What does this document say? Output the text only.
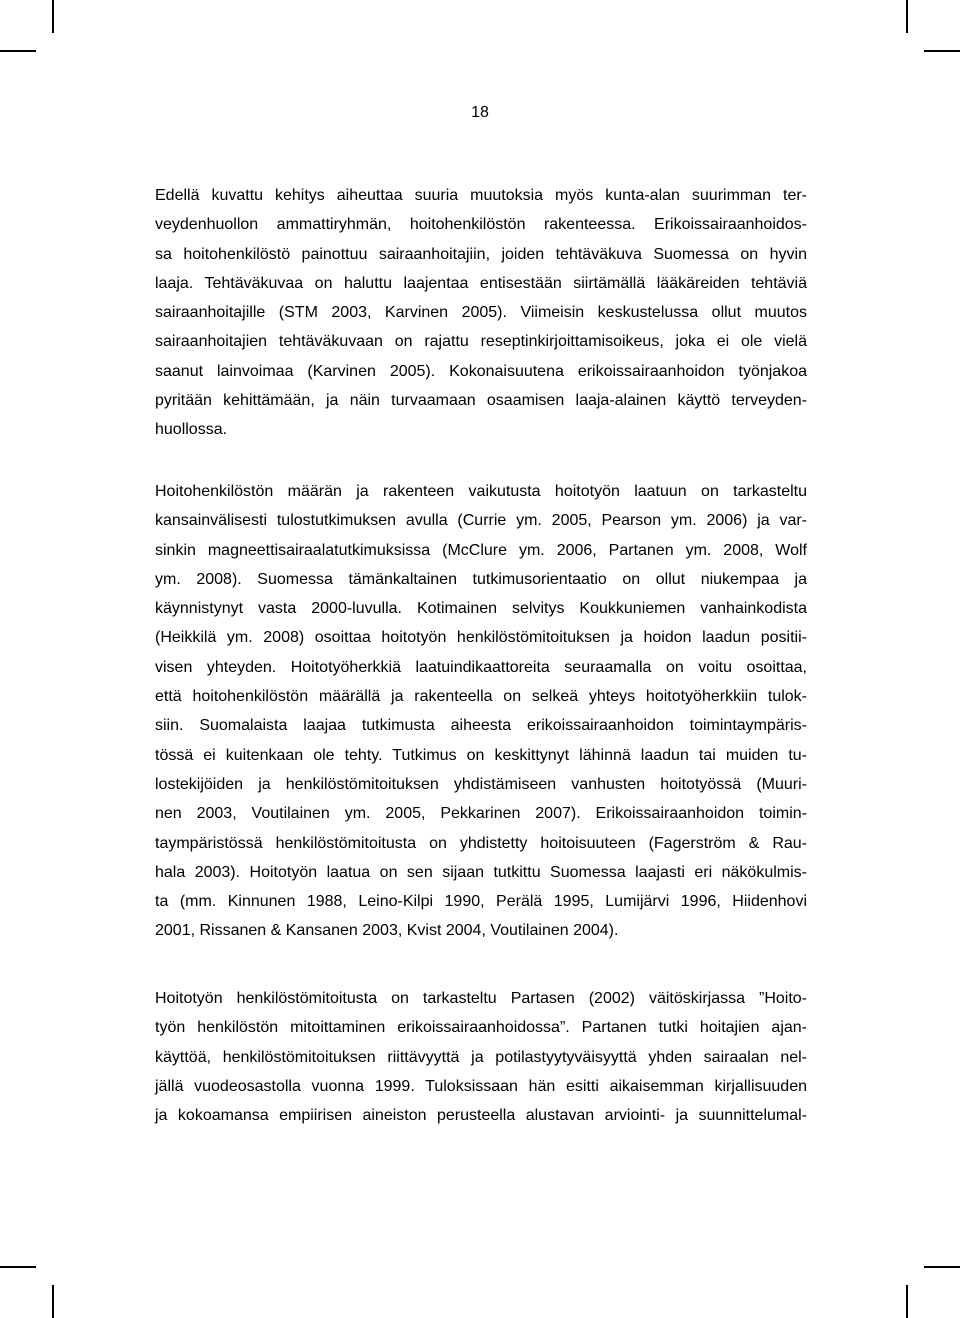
18

Edellä kuvattu kehitys aiheuttaa suuria muutoksia myös kunta-alan suurimman ter-
veydenhuollon ammattiryhmän, hoitohenkilöstön rakenteessa. Erikoissairaanhoidos-
sa hoitohenkilöstö painottuu sairaanhoitajiin, joiden tehtäväkuva Suomessa on hyvin
laaja. Tehtäväkuvaa on haluttu laajentaa entisestään siirtämällä lääkäreiden tehtäviä
sairaanhoitajille (STM 2003, Karvinen 2005). Viimeisin keskustelussa ollut muutos
sairaanhoitajien tehtäväkuvaan on rajattu reseptinkirjoittamisoikeus, joka ei ole vielä
saanut lainvoimaa (Karvinen 2005). Kokonaisuutena erikoissairaanhoidon työnjakoa
pyritään kehittämään, ja näin turvaamaan osaamisen laaja-alainen käyttö terveyden-
huollossa.

Hoitohenkilöstön määrän ja rakenteen vaikutusta hoitotyön laatuun on tarkasteltu
kansainvälisesti tulostutkimuksen avulla (Currie ym. 2005, Pearson ym. 2006) ja var-
sinkin magneettisairaalatutkimuksissa (McClure ym. 2006, Partanen ym. 2008, Wolf
ym. 2008). Suomessa tämänkaltainen tutkimusorientaatio on ollut niukempaa ja
käynnistynyt vasta 2000-luvulla. Kotimainen selvitys Koukkuniemen vanhainkodista
(Heikkilä ym. 2008) osoittaa hoitotyön henkilöstömitoituksen ja hoidon laadun positii-
visen yhteyden. Hoitotyöherkkiä laatuindikaattoreita seuraamalla on voitu osoittaa,
että hoitohenkilöstön määrällä ja rakenteella on selkeä yhteys hoitotyöherkkiin tulok-
siin. Suomalaista laajaa tutkimusta aiheesta erikoissairaanhoidon toimintaympäris-
tössä ei kuitenkaan ole tehty. Tutkimus on keskittynyt lähinnä laadun tai muiden tu-
lostekijöiden ja henkilöstömitoituksen yhdistämiseen vanhusten hoitotyössä (Muuri-
nen 2003, Voutilainen ym. 2005, Pekkarinen 2007). Erikoissairaanhoidon toimin-
taympäristössä henkilöstömitoitusta on yhdistetty hoitoisuuteen (Fagerström & Rau-
hala 2003). Hoitotyön laatua on sen sijaan tutkittu Suomessa laajasti eri näkökulmis-
ta (mm. Kinnunen 1988, Leino-Kilpi 1990, Perälä 1995, Lumijärvi 1996, Hiidenhovi
2001, Rissanen & Kansanen 2003, Kvist 2004, Voutilainen 2004).

Hoitotyön henkilöstömitoitusta on tarkasteltu Partasen (2002) väitöskirjassa ”Hoito-
työn henkilöstön mitoittaminen erikoissairaanhoidossa”. Partanen tutki hoitajien ajan-
käyttöä, henkilöstömitoituksen riittävyyttä ja potilastyytyväisyyttä yhden sairaalan nel-
jällä vuodeosastolla vuonna 1999. Tuloksissaan hän esitti aikaisemman kirjallisuuden
ja kokoamansa empiirisen aineiston perusteella alustavan arviointi- ja suunnittelumal-
